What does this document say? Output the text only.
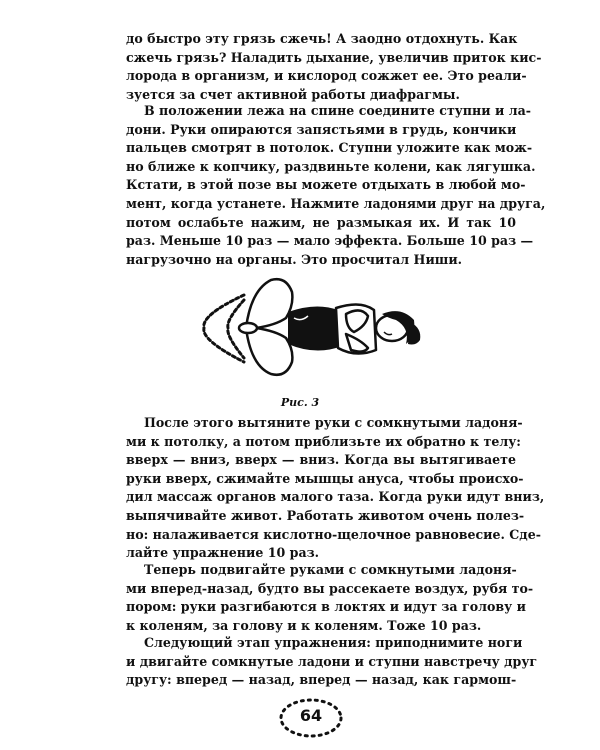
до быстро эту грязь сжечь! А заодно отдохнуть. Как
сжечь грязь? Наладить дыхание, увеличив приток кис-
лорода в организм, и кислород сожжет ее. Это реали-
зуется за счет активной работы диафрагмы.
В положении лежа на спине соедините ступни и ла-
дони. Руки опираются запястьями в грудь, кончики
пальцев смотрят в потолок. Ступни уложите как мож-
но ближе к копчику, раздвиньте колени, как лягушка.
Кстати, в этой позе вы можете отдыхать в любой мо-
мент, когда устанете. Нажмите ладонями друг на друга,
потом ослабьте нажим, не размыкая их. И так 10
раз. Меньше 10 раз — мало эффекта. Больше 10 раз —
нагрузочно на органы. Это просчитал Ниши.
Рис. 3
После этого вытяните руки с сомкнутыми ладоня-
ми к потолку, а потом приблизьте их обратно к телу:
вверх — вниз, вверх — вниз. Когда вы вытягиваете
руки вверх, сжимайте мышцы ануса, чтобы происхо-
дил массаж органов малого таза. Когда руки идут вниз,
выпячивайте живот. Работать животом очень полез-
но: налаживается кислотно-щелочное равновесие. Сде-
лайте упражнение 10 раз.
Теперь подвигайте руками с сомкнутыми ладоня-
ми вперед-назад, будто вы рассекаете воздух, рубя то-
пором: руки разгибаются в локтях и идут за голову и
к коленям, за голову и к коленям. Тоже 10 раз.
Следующий этап упражнения: приподнимите ноги
и двигайте сомкнутые ладони и ступни навстречу друг
другу: вперед — назад, вперед — назад, как гармош-
64
